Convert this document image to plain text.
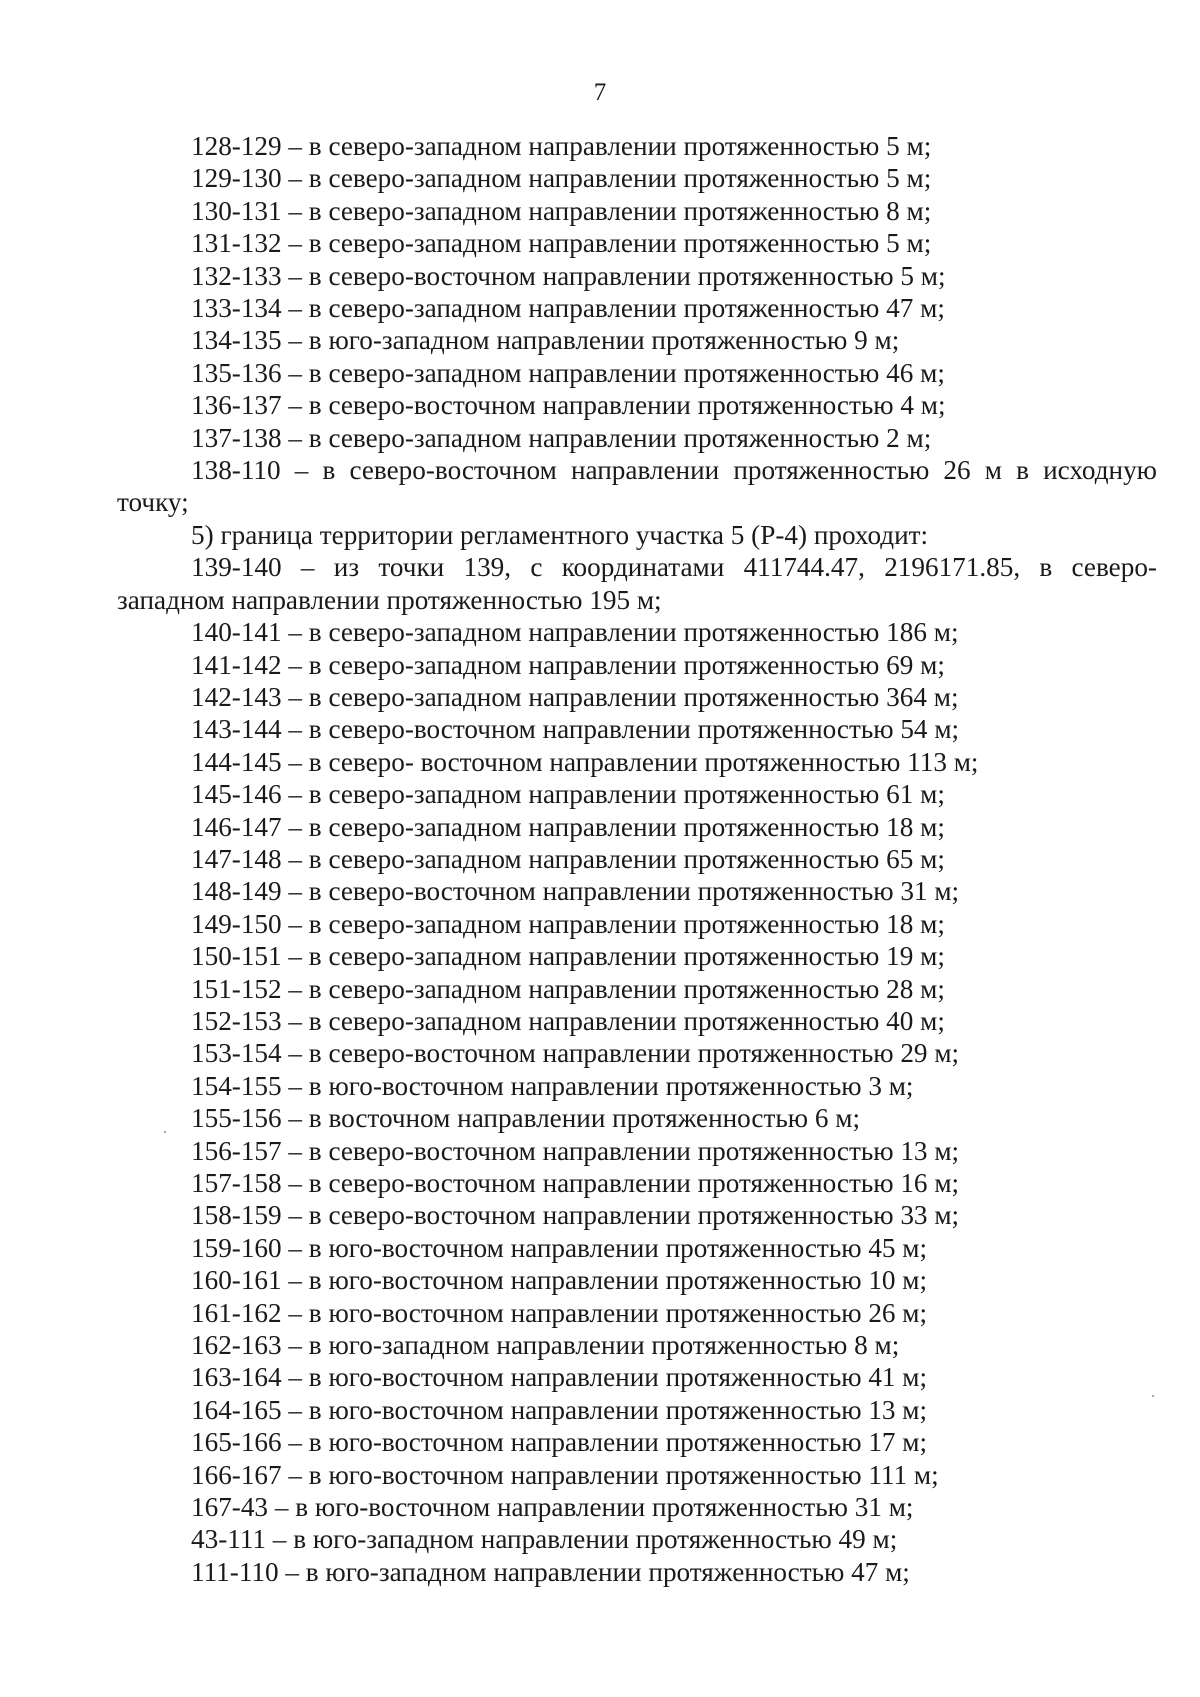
7
128-129 – в северо-западном направлении протяженностью 5 м;
129-130 – в северо-западном направлении протяженностью 5 м;
130-131 – в северо-западном направлении протяженностью 8 м;
131-132 – в северо-западном направлении протяженностью 5 м;
132-133 – в северо-восточном направлении протяженностью 5 м;
133-134 – в северо-западном направлении протяженностью 47 м;
134-135 – в юго-западном направлении протяженностью 9 м;
135-136 – в северо-западном направлении протяженностью 46 м;
136-137 – в северо-восточном направлении протяженностью 4 м;
137-138 – в северо-западном направлении протяженностью 2 м;
138-110 – в северо-восточном направлении протяженностью 26 м в исходную
точку;
5) граница территории регламентного участка 5 (Р-4) проходит:
139-140 – из точки 139, с координатами 411744.47, 2196171.85, в северо-
западном направлении протяженностью 195 м;
140-141 – в северо-западном направлении протяженностью 186 м;
141-142 – в северо-западном направлении протяженностью 69 м;
142-143 – в северо-западном направлении протяженностью 364 м;
143-144 – в северо-восточном направлении протяженностью 54 м;
144-145 – в северо- восточном направлении протяженностью 113 м;
145-146 – в северо-западном направлении протяженностью 61 м;
146-147 – в северо-западном направлении протяженностью 18 м;
147-148 – в северо-западном направлении протяженностью 65 м;
148-149 – в северо-восточном направлении протяженностью 31 м;
149-150 – в северо-западном направлении протяженностью 18 м;
150-151 – в северо-западном направлении протяженностью 19 м;
151-152 – в северо-западном направлении протяженностью 28 м;
152-153 – в северо-западном направлении протяженностью 40 м;
153-154 – в северо-восточном направлении протяженностью 29 м;
154-155 – в юго-восточном направлении протяженностью 3 м;
155-156 – в восточном направлении протяженностью 6 м;
156-157 – в северо-восточном направлении протяженностью 13 м;
157-158 – в северо-восточном направлении протяженностью 16 м;
158-159 – в северо-восточном направлении протяженностью 33 м;
159-160 – в юго-восточном направлении протяженностью 45 м;
160-161 – в юго-восточном направлении протяженностью 10 м;
161-162 – в юго-восточном направлении протяженностью 26 м;
162-163 – в юго-западном направлении протяженностью 8 м;
163-164 – в юго-восточном направлении протяженностью 41 м;
164-165 – в юго-восточном направлении протяженностью 13 м;
165-166 – в юго-восточном направлении протяженностью 17 м;
166-167 – в юго-восточном направлении протяженностью 111 м;
167-43 – в юго-восточном направлении протяженностью 31 м;
43-111 – в юго-западном направлении протяженностью 49 м;
111-110 – в юго-западном направлении протяженностью 47 м;
